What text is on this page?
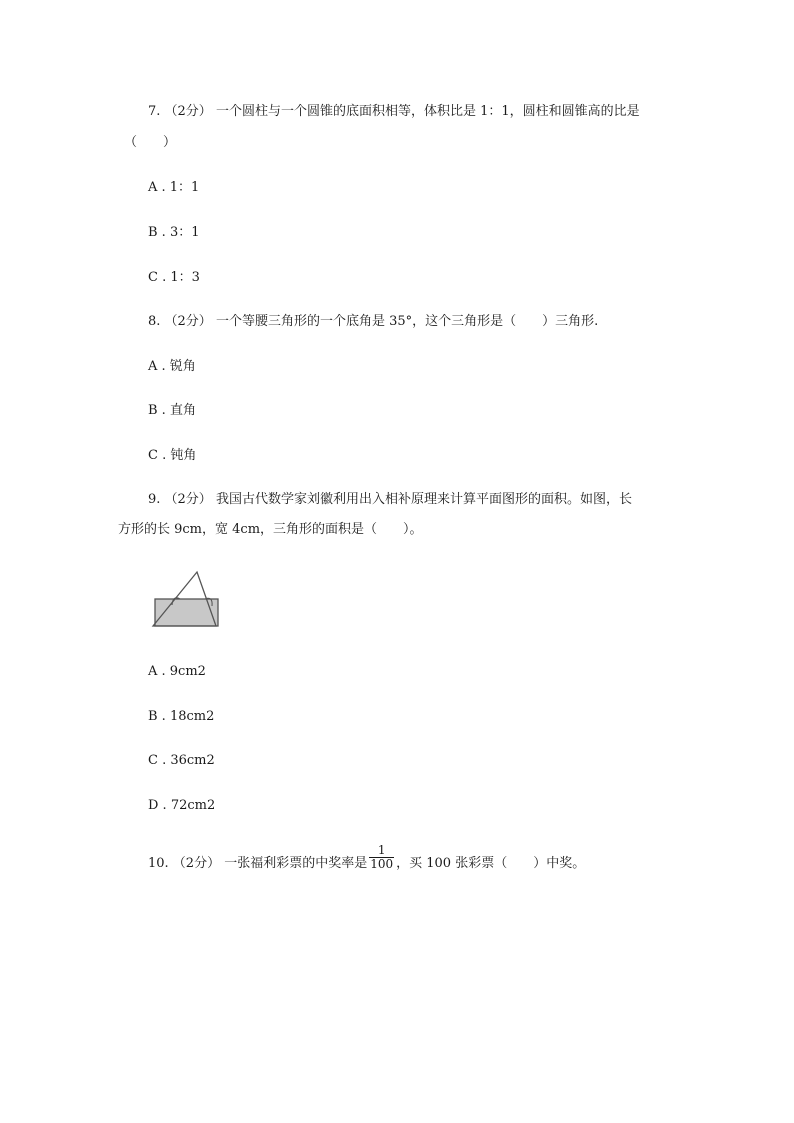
7. （2分） 一个圆柱与一个圆锥的底面积相等，体积比是 1：1，圆柱和圆锥高的比是
（　　）
A . 1：1
B . 3：1
C . 1：3
8. （2分） 一个等腰三角形的一个底角是 35°，这个三角形是（　　）三角形.
A . 锐角
B . 直角
C . 钝角
9. （2分） 我国古代数学家刘徽利用出入相补原理来计算平面图形的面积。如图，长
方形的长 9cm，宽 4cm，三角形的面积是（　　）。
A . 9cm2
B . 18cm2
C . 36cm2
D . 72cm2
10. （2分） 一张福利彩票的中奖率是 $\frac{1}{100}$ ，买 100 张彩票（　　）中奖。
